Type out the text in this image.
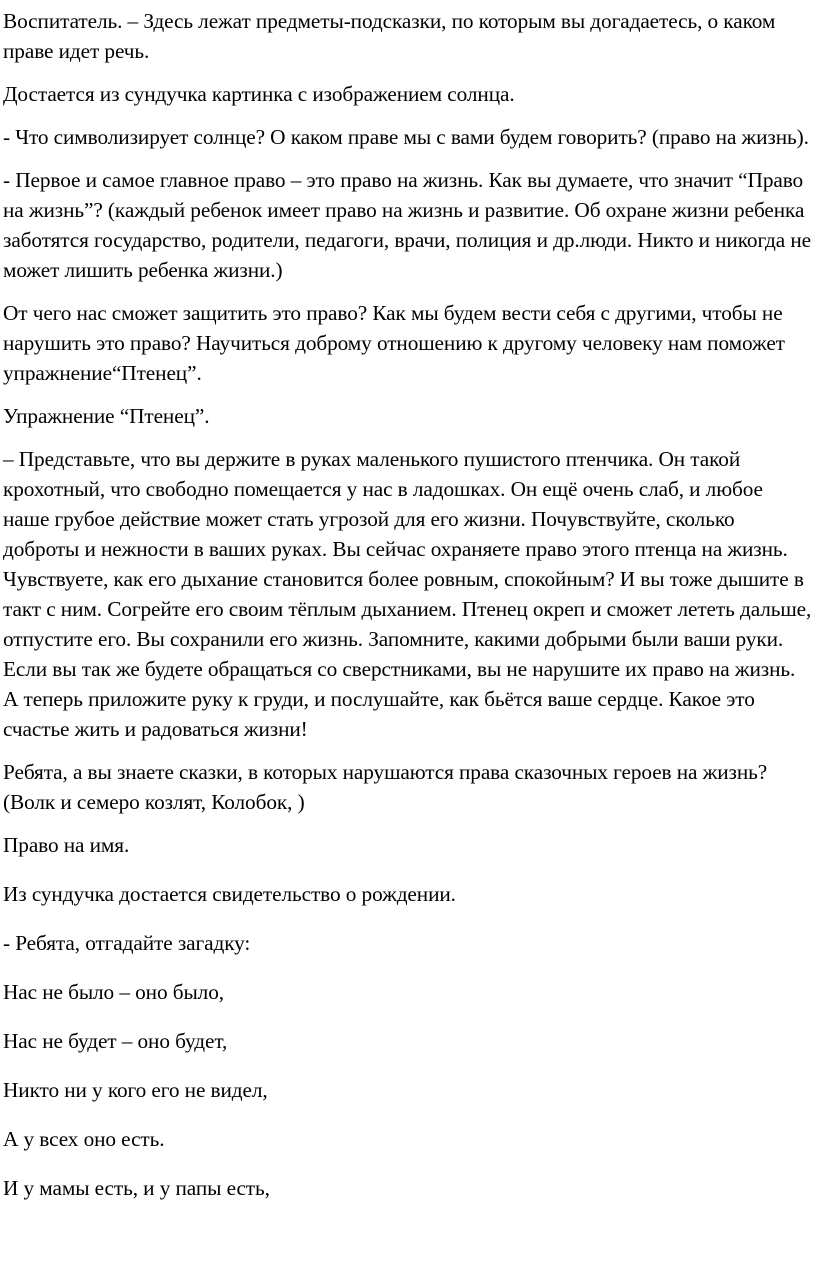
Воспитатель. – Здесь лежат предметы-подсказки, по которым вы догадаетесь, о каком праве идет речь.

Достается из сундучка картинка с изображением солнца.

- Что символизирует солнце? О каком праве мы с вами будем говорить? (право на жизнь).

- Первое и самое главное право – это право на жизнь. Как вы думаете, что значит “Право на жизнь”? (каждый ребенок имеет право на жизнь и развитие. Об охране жизни ребенка заботятся государство, родители, педагоги, врачи, полиция и др.люди. Никто и никогда не может лишить ребенка жизни.)

От чего нас сможет защитить это право? Как мы будем вести себя с другими, чтобы не нарушить это право? Научиться доброму отношению к другому человеку нам поможет упражнение“Птенец”.

Упражнение “Птенец”.

– Представьте, что вы держите в руках маленького пушистого птенчика. Он такой крохотный, что свободно помещается у нас в ладошках. Он ещё очень слаб, и любое наше грубое действие может стать угрозой для его жизни. Почувствуйте, сколько доброты и нежности в ваших руках. Вы сейчас охраняете право этого птенца на жизнь. Чувствуете, как его дыхание становится более ровным, спокойным? И вы тоже дышите в такт с ним. Согрейте его своим тёплым дыханием. Птенец окреп и сможет лететь дальше, отпустите его. Вы сохранили его жизнь. Запомните, какими добрыми были ваши руки. Если вы так же будете обращаться со сверстниками, вы не нарушите их право на жизнь. А теперь приложите руку к груди, и послушайте, как бьётся ваше сердце. Какое это счастье жить и радоваться жизни!

Ребята, а вы знаете сказки, в которых нарушаются права сказочных героев на жизнь? (Волк и семеро козлят, Колобок, )

Право на имя.

Из сундучка достается свидетельство о рождении.

- Ребята, отгадайте загадку:

Нас не было – оно было,

Нас не будет – оно будет,

Никто ни у кого его не видел,

А у всех оно есть.

И у мамы есть, и у папы есть,
